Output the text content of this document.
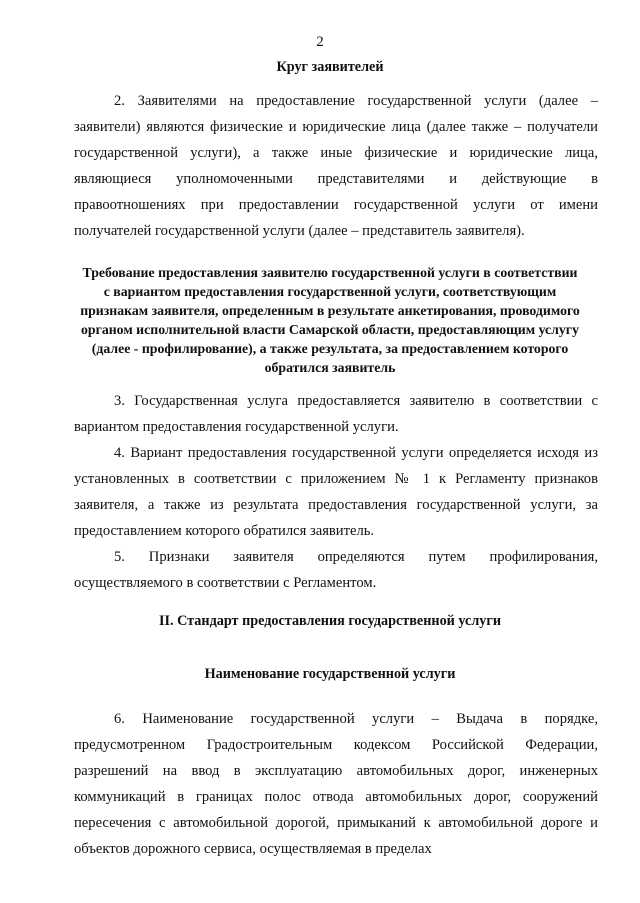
2
Круг заявителей

2. Заявителями на предоставление государственной услуги (далее – заявители) являются физические и юридические лица (далее также – получатели государственной услуги), а также иные физические и юридические лица, являющиеся уполномоченными представителями и действующие в правоотношениях при предоставлении государственной услуги от имени получателей государственной услуги (далее – представитель заявителя).

Требование предоставления заявителю государственной услуги в соответствии с вариантом предоставления государственной услуги, соответствующим признакам заявителя, определенным в результате анкетирования, проводимого органом исполнительной власти Самарской области, предоставляющим услугу (далее - профилирование), а также результата, за предоставлением которого обратился заявитель

3. Государственная услуга предоставляется заявителю в соответствии с вариантом предоставления государственной услуги.

4. Вариант предоставления государственной услуги определяется исходя из установленных в соответствии с приложением № 1 к Регламенту признаков заявителя, а также из результата предоставления государственной услуги, за предоставлением которого обратился заявитель.

5. Признаки заявителя определяются путем профилирования, осуществляемого в соответствии с Регламентом.

II. Стандарт предоставления государственной услуги
Наименование государственной услуги

6. Наименование государственной услуги – Выдача в порядке, предусмотренном Градостроительным кодексом Российской Федерации, разрешений на ввод в эксплуатацию автомобильных дорог, инженерных коммуникаций в границах полос отвода автомобильных дорог, сооружений пересечения с автомобильной дорогой, примыканий к автомобильной дороге и объектов дорожного сервиса, осуществляемая в пределах
